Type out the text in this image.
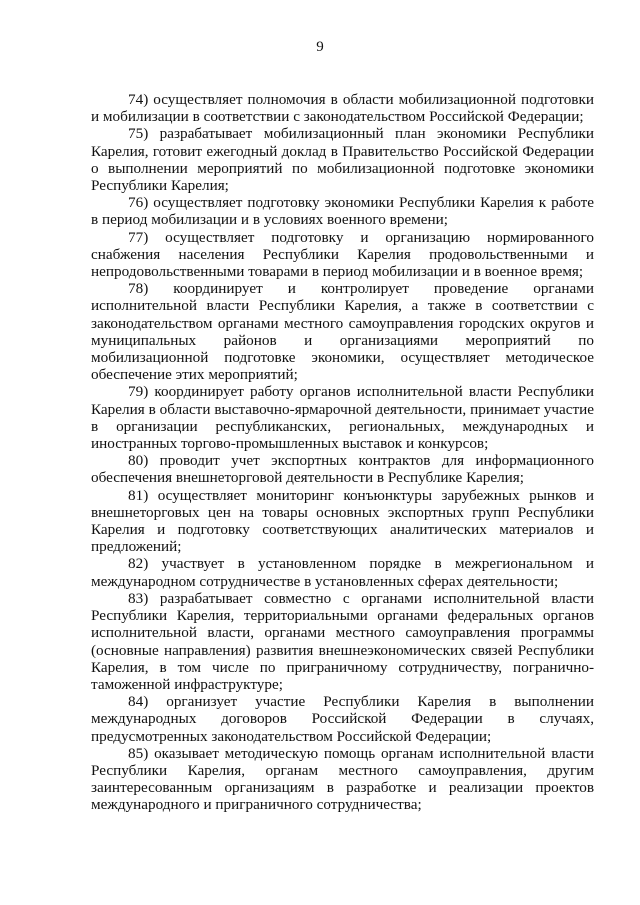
9

74) осуществляет полномочия в области мобилизационной подготовки и мобилизации в соответствии с законодательством Российской Федерации;

75) разрабатывает мобилизационный план экономики Республики Карелия, готовит ежегодный доклад в Правительство Российской Федерации о выполнении мероприятий по мобилизационной подготовке экономики Республики Карелия;

76) осуществляет подготовку экономики Республики Карелия к работе в период мобилизации и в условиях военного времени;

77) осуществляет подготовку и организацию нормированного снабжения населения Республики Карелия продовольственными и непродовольственными товарами в период мобилизации и в военное время;

78) координирует и контролирует проведение органами исполнительной власти Республики Карелия, а также в соответствии с законодательством органами местного самоуправления городских округов и муниципальных районов и организациями мероприятий по мобилизационной подготовке экономики, осуществляет методическое обеспечение этих мероприятий;

79) координирует работу органов исполнительной власти Республики Карелия в области выставочно-ярмарочной деятельности, принимает участие в организации республиканских, региональных, международных и иностранных торгово-промышленных выставок и конкурсов;

80) проводит учет экспортных контрактов для информационного обеспечения внешнеторговой деятельности в Республике Карелия;

81) осуществляет мониторинг конъюнктуры зарубежных рынков и внешнеторговых цен на товары основных экспортных групп Республики Карелия и подготовку соответствующих аналитических материалов и предложений;

82) участвует в установленном порядке в межрегиональном и международном сотрудничестве в установленных сферах деятельности;

83) разрабатывает совместно с органами исполнительной власти Республики Карелия, территориальными органами федеральных органов исполнительной власти, органами местного самоуправления программы (основные направления) развития внешнеэкономических связей Республики Карелия, в том числе по приграничному сотрудничеству, погранично-таможенной инфраструктуре;

84) организует участие Республики Карелия в выполнении международных договоров Российской Федерации в случаях, предусмотренных законодательством Российской Федерации;

85) оказывает методическую помощь органам исполнительной власти Республики Карелия, органам местного самоуправления, другим заинтересованным организациям в разработке и реализации проектов международного и приграничного сотрудничества;
